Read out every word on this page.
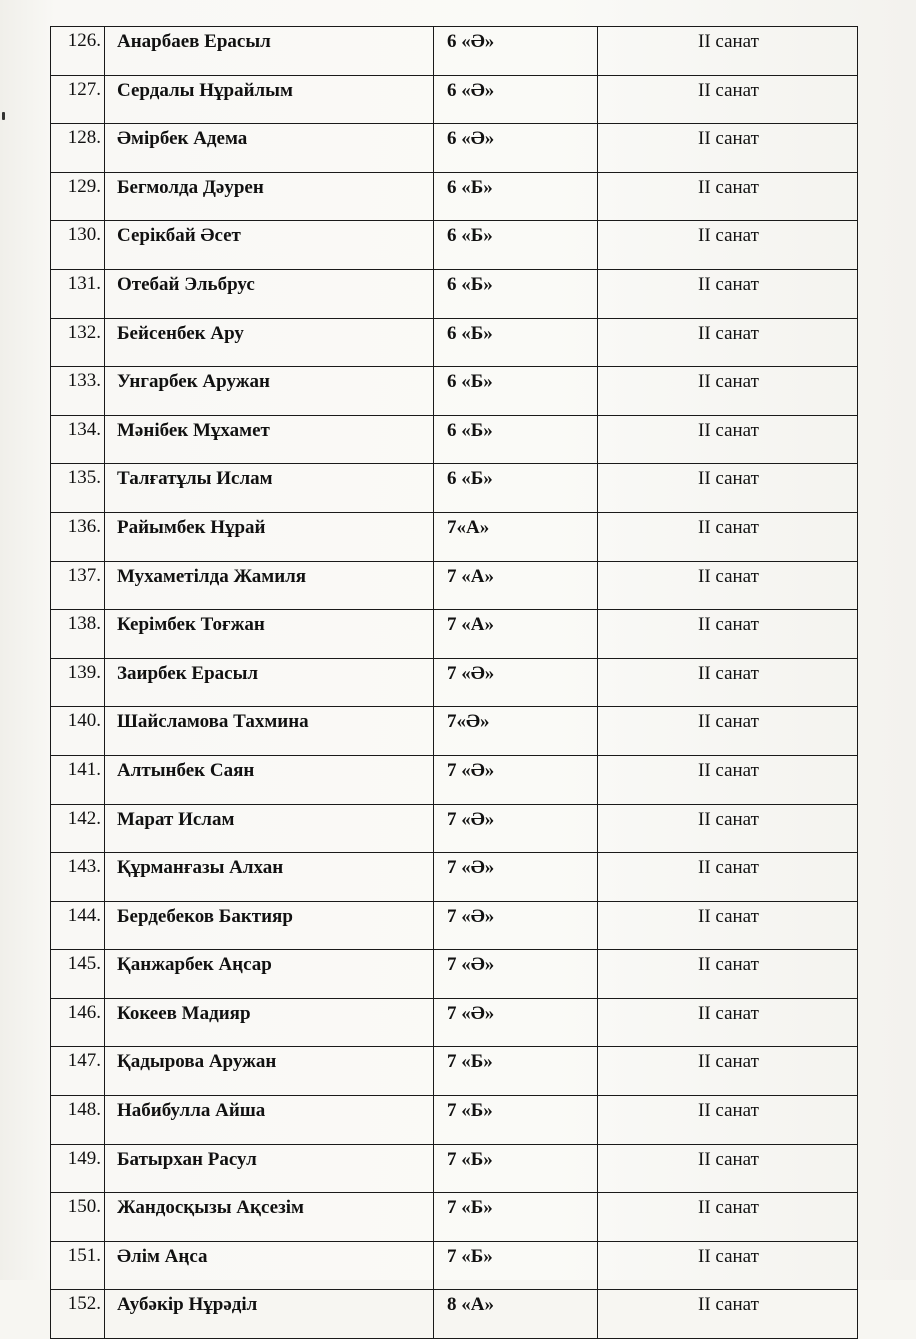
126.	Анарбаев Ерасыл	6 «Ә»	II санат
127.	Сердалы Нұрайлым	6 «Ә»	II санат
128.	Әмірбек Адема	6 «Ә»	II санат
129.	Бегмолда Дәурен	6 «Б»	II санат
130.	Серікбай Әсет	6 «Б»	II санат
131.	Отебай Эльбрус	6 «Б»	II санат
132.	Бейсенбек Ару	6 «Б»	II санат
133.	Унгарбек Аружан	6 «Б»	II санат
134.	Мәнібек Мұхамет	6 «Б»	II санат
135.	Талғатұлы Ислам	6 «Б»	II санат
136.	Райымбек Нұрай	7«А»	II санат
137.	Мухаметілда Жамиля	7 «А»	II санат
138.	Керімбек Тоғжан	7 «А»	II санат
139.	Заирбек Ерасыл	7 «Ә»	II санат
140.	Шайсламова Тахмина	7«Ә»	II санат
141.	Алтынбек Саян	7 «Ә»	II санат
142.	Марат Ислам	7 «Ә»	II санат
143.	Құрманғазы Алхан	7 «Ә»	II санат
144.	Бердебеков Бактияр	7 «Ә»	II санат
145.	Қанжарбек Аңсар	7 «Ә»	II санат
146.	Кокеев Мадияр	7 «Ә»	II санат
147.	Қадырова Аружан	7 «Б»	II санат
148.	Набибулла Айша	7 «Б»	II санат
149.	Батырхан Расул	7 «Б»	II санат
150.	Жандосқызы Ақсезім	7 «Б»	II санат
151.	Әлім Аңса	7 «Б»	II санат
152.	Аубәкір Нұрәділ	8 «А»	II санат
